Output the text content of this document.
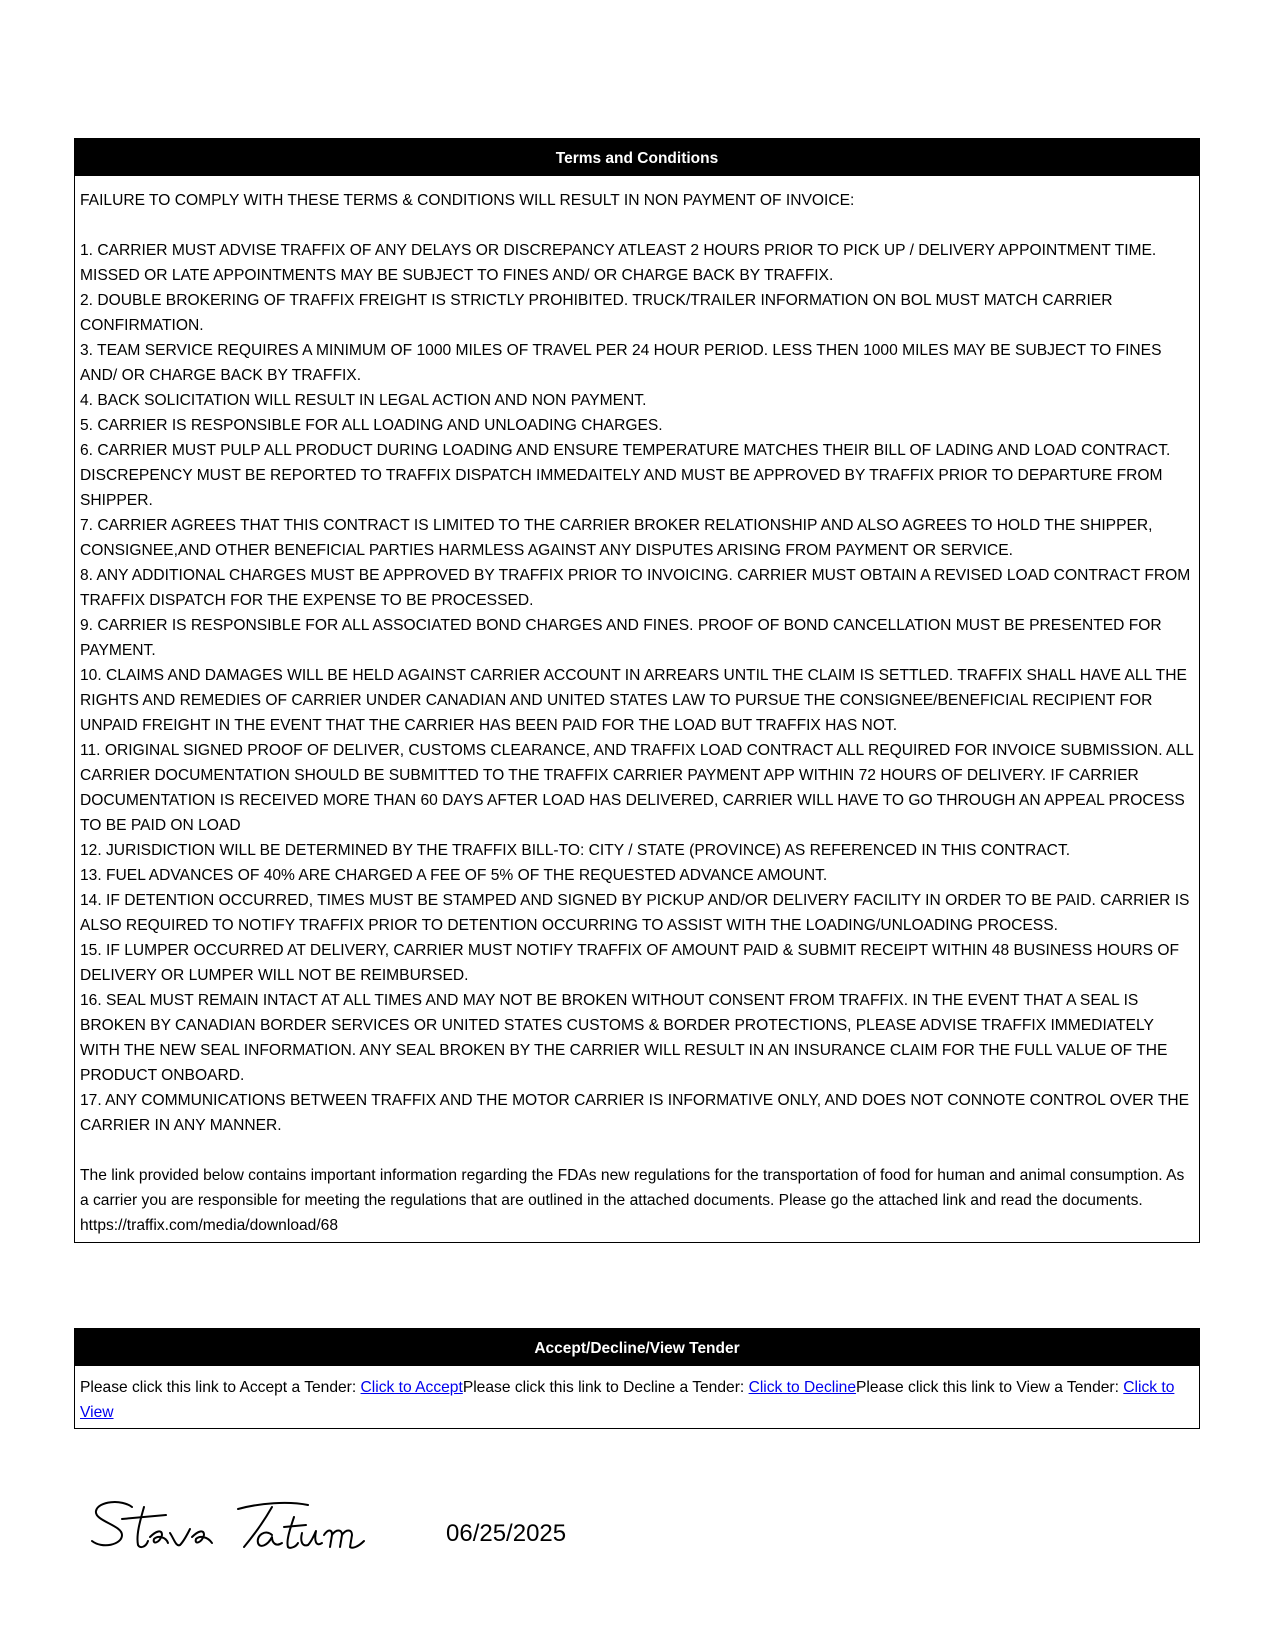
Terms and Conditions

FAILURE TO COMPLY WITH THESE TERMS & CONDITIONS WILL RESULT IN NON PAYMENT OF INVOICE:

1. CARRIER MUST ADVISE TRAFFIX OF ANY DELAYS OR DISCREPANCY ATLEAST 2 HOURS PRIOR TO PICK UP / DELIVERY APPOINTMENT TIME. MISSED OR LATE APPOINTMENTS MAY BE SUBJECT TO FINES AND/ OR CHARGE BACK BY TRAFFIX.

2. DOUBLE BROKERING OF TRAFFIX FREIGHT IS STRICTLY PROHIBITED. TRUCK/TRAILER INFORMATION ON BOL MUST MATCH CARRIER CONFIRMATION.

3. TEAM SERVICE REQUIRES A MINIMUM OF 1000 MILES OF TRAVEL PER 24 HOUR PERIOD. LESS THEN 1000 MILES MAY BE SUBJECT TO FINES AND/ OR CHARGE BACK BY TRAFFIX.

4. BACK SOLICITATION WILL RESULT IN LEGAL ACTION AND NON PAYMENT.

5. CARRIER IS RESPONSIBLE FOR ALL LOADING AND UNLOADING CHARGES.

6. CARRIER MUST PULP ALL PRODUCT DURING LOADING AND ENSURE TEMPERATURE MATCHES THEIR BILL OF LADING AND LOAD CONTRACT. DISCREPENCY MUST BE REPORTED TO TRAFFIX DISPATCH IMMEDAITELY AND MUST BE APPROVED BY TRAFFIX PRIOR TO DEPARTURE FROM SHIPPER.

7. CARRIER AGREES THAT THIS CONTRACT IS LIMITED TO THE CARRIER BROKER RELATIONSHIP AND ALSO AGREES TO HOLD THE SHIPPER, CONSIGNEE,AND OTHER BENEFICIAL PARTIES HARMLESS AGAINST ANY DISPUTES ARISING FROM PAYMENT OR SERVICE.

8. ANY ADDITIONAL CHARGES MUST BE APPROVED BY TRAFFIX PRIOR TO INVOICING. CARRIER MUST OBTAIN A REVISED LOAD CONTRACT FROM TRAFFIX DISPATCH FOR THE EXPENSE TO BE PROCESSED.

9. CARRIER IS RESPONSIBLE FOR ALL ASSOCIATED BOND CHARGES AND FINES. PROOF OF BOND CANCELLATION MUST BE PRESENTED FOR PAYMENT.

10. CLAIMS AND DAMAGES WILL BE HELD AGAINST CARRIER ACCOUNT IN ARREARS UNTIL THE CLAIM IS SETTLED. TRAFFIX SHALL HAVE ALL THE RIGHTS AND REMEDIES OF CARRIER UNDER CANADIAN AND UNITED STATES LAW TO PURSUE THE CONSIGNEE/BENEFICIAL RECIPIENT FOR UNPAID FREIGHT IN THE EVENT THAT THE CARRIER HAS BEEN PAID FOR THE LOAD BUT TRAFFIX HAS NOT.

11. ORIGINAL SIGNED PROOF OF DELIVER, CUSTOMS CLEARANCE, AND TRAFFIX LOAD CONTRACT ALL REQUIRED FOR INVOICE SUBMISSION. ALL CARRIER DOCUMENTATION SHOULD BE SUBMITTED TO THE TRAFFIX CARRIER PAYMENT APP WITHIN 72 HOURS OF DELIVERY. IF CARRIER DOCUMENTATION IS RECEIVED MORE THAN 60 DAYS AFTER LOAD HAS DELIVERED, CARRIER WILL HAVE TO GO THROUGH AN APPEAL PROCESS TO BE PAID ON LOAD

12. JURISDICTION WILL BE DETERMINED BY THE TRAFFIX BILL-TO: CITY / STATE (PROVINCE) AS REFERENCED IN THIS CONTRACT.

13. FUEL ADVANCES OF 40% ARE CHARGED A FEE OF 5% OF THE REQUESTED ADVANCE AMOUNT.

14. IF DETENTION OCCURRED, TIMES MUST BE STAMPED AND SIGNED BY PICKUP AND/OR DELIVERY FACILITY IN ORDER TO BE PAID. CARRIER IS ALSO REQUIRED TO NOTIFY TRAFFIX PRIOR TO DETENTION OCCURRING TO ASSIST WITH THE LOADING/UNLOADING PROCESS.

15. IF LUMPER OCCURRED AT DELIVERY, CARRIER MUST NOTIFY TRAFFIX OF AMOUNT PAID & SUBMIT RECEIPT WITHIN 48 BUSINESS HOURS OF DELIVERY OR LUMPER WILL NOT BE REIMBURSED.

16. SEAL MUST REMAIN INTACT AT ALL TIMES AND MAY NOT BE BROKEN WITHOUT CONSENT FROM TRAFFIX. IN THE EVENT THAT A SEAL IS BROKEN BY CANADIAN BORDER SERVICES OR UNITED STATES CUSTOMS & BORDER PROTECTIONS, PLEASE ADVISE TRAFFIX IMMEDIATELY WITH THE NEW SEAL INFORMATION. ANY SEAL BROKEN BY THE CARRIER WILL RESULT IN AN INSURANCE CLAIM FOR THE FULL VALUE OF THE PRODUCT ONBOARD.

17. ANY COMMUNICATIONS BETWEEN TRAFFIX AND THE MOTOR CARRIER IS INFORMATIVE ONLY, AND DOES NOT CONNOTE CONTROL OVER THE CARRIER IN ANY MANNER.

The link provided below contains important information regarding the FDAs new regulations for the transportation of food for human and animal consumption. As a carrier you are responsible for meeting the regulations that are outlined in the attached documents. Please go the attached link and read the documents. https://traffix.com/media/download/68

Accept/Decline/View Tender
Please click this link to Accept a Tender: Click to AcceptPlease click this link to Decline a Tender: Click to DeclinePlease click this link to View a Tender: Click to View
06/25/2025
